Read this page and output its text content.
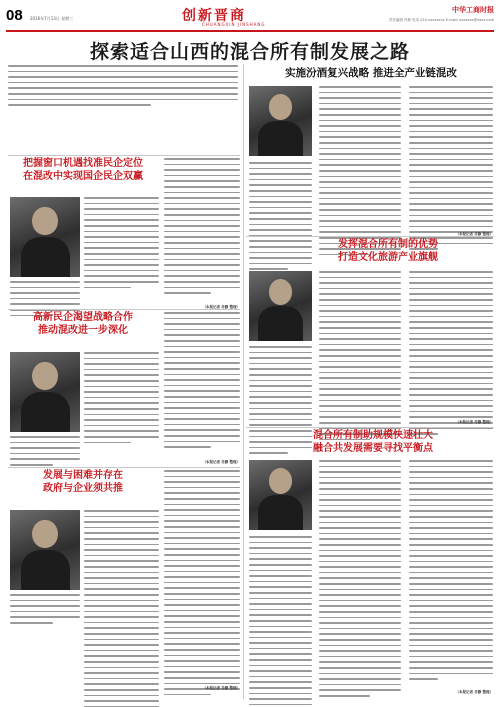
08 2016年7月13日 星期三	创新晋商
CHUANGXIN JINSHANG
中华工商时报
责任编辑 肖静 电话 010-xxxxxxxx E-mail: xxxxxxx@xxxx.com
探索适合山西的混合所有制发展之路
实施汾酒复兴战略 推进全产业链混改
（本报记者 肖静 整理）
把握窗口机遇找准民企定位
在混改中实现国企民企双赢
（本报记者 肖静 整理）
发挥混合所有制的优势
打造文化旅游产业旗舰
（本报记者 肖静 整理）
高新民企渴望战略合作
推动混改进一步深化
（本报记者 肖静 整理）
发展与困难并存在
政府与企业须共推
（本报记者 肖静 整理）
混合所有制助规模快速壮大
融合共发展需要寻找平衡点
（本报记者 肖静 整理）
